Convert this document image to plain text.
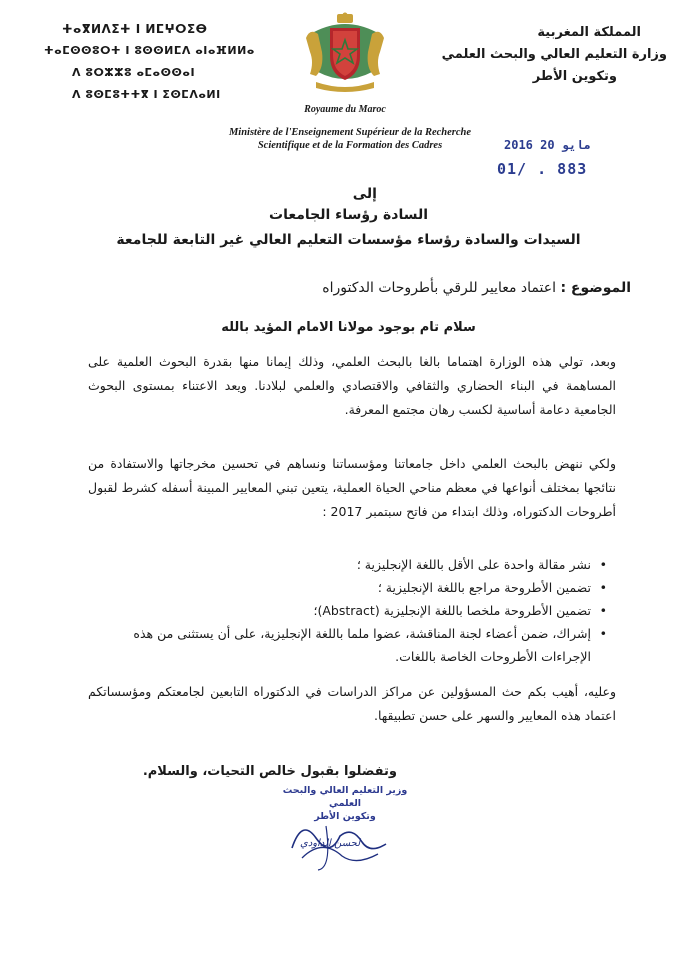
ⵜⴰⴳⵍⴷⵉⵜ ⵏ ⵍⵎⵖⵔⵉⴱ
ⵜⴰⵎⵙⵙⵓⵔⵜ ⵏ ⵓⵙⵙⵍⵎⴷ ⴰⵏⴰⴼⵍⵍⴰ
ⴷ ⵓⵔⵣⵣⵓ ⴰⵎⴰⵙⵙⴰⵏ
ⴷ ⵓⵙⵎⵓⵜⵜⴳ ⵏ ⵉⵙⵎⴷⴰⵍⵏ
Royaume du Maroc
Ministère de l'Enseignement Supérieur de la Recherche
Scientifique et de la Formation des Cadres
المملكة المغربية
وزارة التعليم العالي والبحث العلمي
وتكوين الأطر
2016 مايو 20
01/ . 883
إلى
السادة رؤساء الجامعات
السيدات والسادة رؤساء مؤسسات التعليم العالي غير التابعة للجامعة
الموضوع : اعتماد معايير للرقي بأطروحات الدكتوراه
سلام تام بوجود مولانا الامام المؤيد بالله
وبعد، تولي هذه الوزارة اهتماما بالغا بالبحث العلمي، وذلك إيمانا منها بقدرة البحوث العلمية على المساهمة في البناء الحضاري والثقافي والاقتصادي والعلمي لبلادنا. ويعد الاعتناء بمستوى البحوث الجامعية دعامة أساسية لكسب رهان مجتمع المعرفة.
ولكي ننهض بالبحث العلمي داخل جامعاتنا ومؤسساتنا ونساهم في تحسين مخرجاتها والاستفادة من نتائجها بمختلف أنواعها في معظم مناحي الحياة العملية، يتعين تبني المعايير المبينة أسفله كشرط لقبول أطروحات الدكتوراه، وذلك ابتداء من فاتح سبتمبر 2017 :
•
نشر مقالة واحدة على الأقل باللغة الإنجليزية ؛
•
تضمين الأطروحة مراجع باللغة الإنجليزية ؛
•
تضمين الأطروحة ملخصا باللغة الإنجليزية (Abstract)؛
•
إشراك، ضمن أعضاء لجنة المناقشة، عضوا ملما باللغة الإنجليزية، على أن يستثنى من هذه الإجراءات الأطروحات الخاصة باللغات.
وعليه، أهيب بكم حث المسؤولين عن مراكز الدراسات في الدكتوراه التابعين لجامعتكم ومؤسساتكم اعتماد هذه المعايير والسهر على حسن تطبيقها.
وتفضلوا بقبول خالص التحيات، والسلام.
وزير التعليم العالي والبحث العلمي
وتكوين الأطر
لحسن الداودي
